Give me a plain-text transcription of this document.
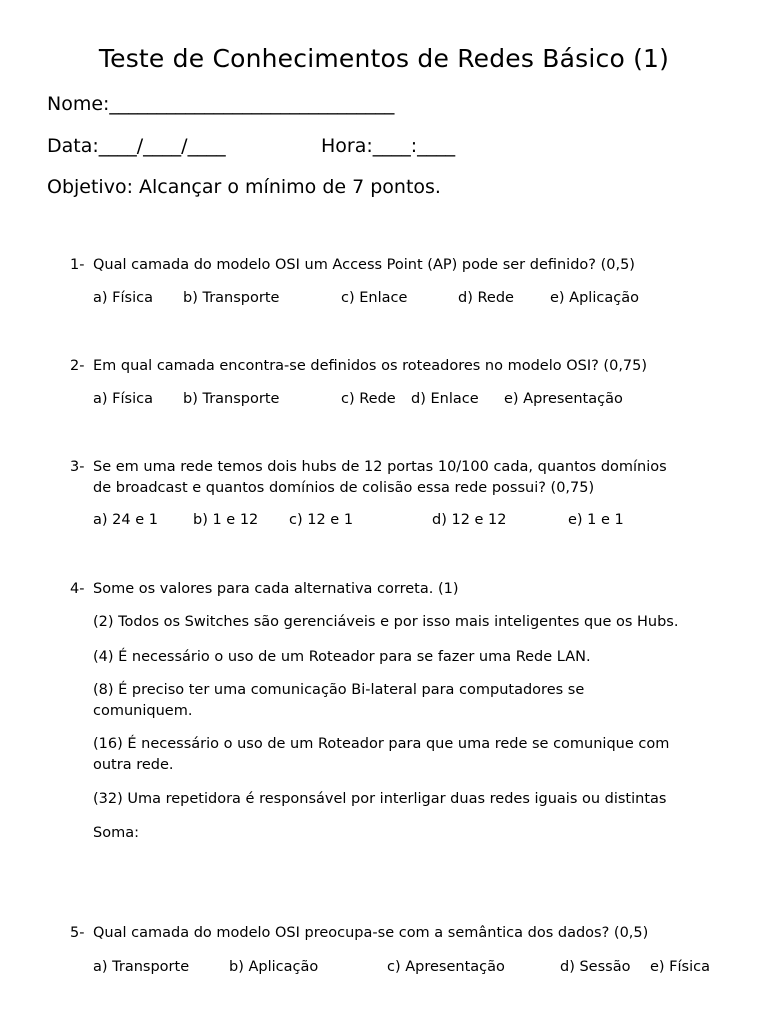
Teste de Conhecimentos de Redes Básico (1)
Nome:______________________________
Data:____/____/____	Hora:____:____
Objetivo: Alcançar o mínimo de 7 pontos.
1- Qual camada do modelo OSI um Access Point (AP) pode ser definido? (0,5)
a) Física b) Transporte	c) Enlace	d) Rede e) Aplicação
2- Em qual camada encontra-se definidos os roteadores no modelo OSI? (0,75)
a) Física b) Transporte	c) Rede d) Enlace e) Apresentação
3- Se em uma rede temos dois hubs de 12 portas 10/100 cada, quantos domínios
de broadcast e quantos domínios de colisão essa rede possui? (0,75)
a) 24 e 1 b) 1 e 12 c) 12 e 1	d) 12 e 12	e) 1 e 1
4- Some os valores para cada alternativa correta. (1)
(2) Todos os Switches são gerenciáveis e por isso mais inteligentes que os Hubs.
(4) É necessário o uso de um Roteador para se fazer uma Rede LAN.
(8) É preciso ter uma comunicação Bi-lateral para computadores se
comuniquem.
(16) É necessário o uso de um Roteador para que uma rede se comunique com
outra rede.
(32) Uma repetidora é responsável por interligar duas redes iguais ou distintas
Soma:
5- Qual camada do modelo OSI preocupa-se com a semântica dos dados? (0,5)
a) Transporte	b) Aplicação	c) Apresentação	d) Sessão e) Física
